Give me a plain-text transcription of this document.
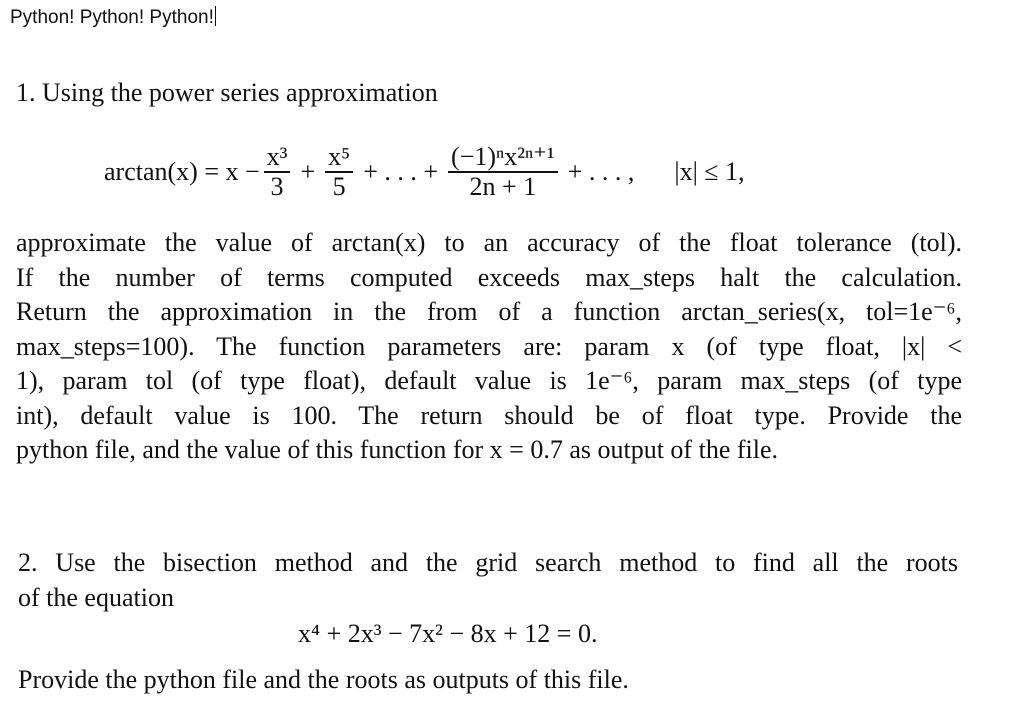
Python! Python! Python!
1. Using the power series approximation
$\arctan(x) = x - \frac{\text{x³}}{3} + \frac{\text{x⁵}}{5}$ + . . . + $\frac{\text{(−1)ⁿx²ⁿ⁺¹}}{2n + 1}$ + . . . , |x| ≤ 1,
approximate the value of arctan(x) to an accuracy of the float tolerance (tol).
If the number of terms computed exceeds max_steps halt the calculation.
Return the approximation in the from of a function arctan_series(x, tol=1e⁻⁶,
max_steps=100). The function parameters are: param x (of type float, |x| <
1), param tol (of type float), default value is 1e⁻⁶, param max_steps (of type
int), default value is 100. The return should be of float type. Provide the
python file, and the value of this function for x = 0.7 as output of the file.
2. Use the bisection method and the grid search method to find all the roots
of the equation
x⁴ + 2x³ − 7x² − 8x + 12 = 0.
Provide the python file and the roots as outputs of this file.
